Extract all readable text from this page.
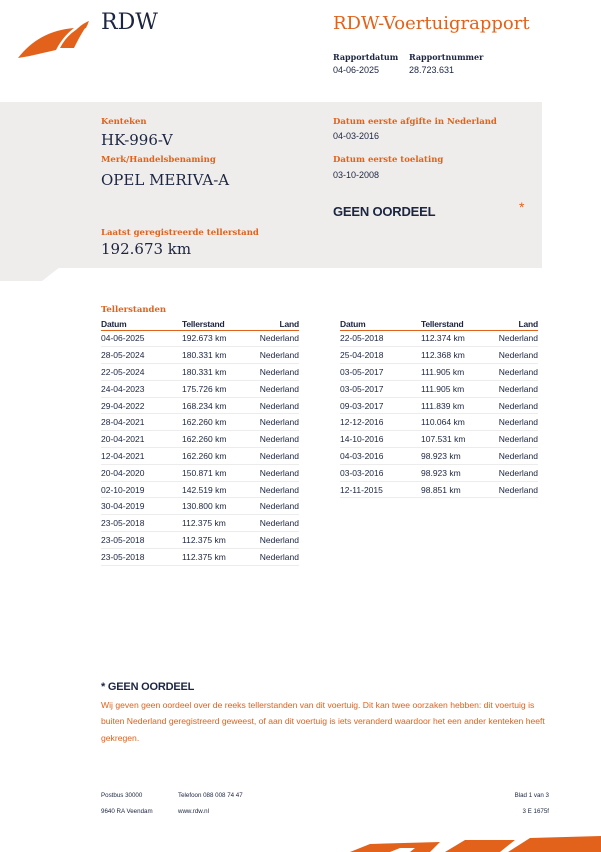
RDW	RDW-Voertuigrapport
Rapportdatum
04-06-2025
Rapportnummer
28.723.631
Kenteken
HK-996-V
Merk/Handelsbenaming
OPEL MERIVA-A
Laatst geregistreerde tellerstand
192.673 km
Datum eerste afgifte in Nederland
04-03-2016
Datum eerste toelating
03-10-2008
GEEN OORDEEL	*
Tellerstanden
Datum	Tellerstand	Land
04-06-2025	192.673 km	Nederland
28-05-2024	180.331 km	Nederland
22-05-2024	180.331 km	Nederland
24-04-2023	175.726 km	Nederland
29-04-2022	168.234 km	Nederland
28-04-2021	162.260 km	Nederland
20-04-2021	162.260 km	Nederland
12-04-2021	162.260 km	Nederland
20-04-2020	150.871 km	Nederland
02-10-2019	142.519 km	Nederland
30-04-2019	130.800 km	Nederland
23-05-2018	112.375 km	Nederland
23-05-2018	112.375 km	Nederland
23-05-2018	112.375 km	Nederland
Datum	Tellerstand	Land
22-05-2018	112.374 km	Nederland
25-04-2018	112.368 km	Nederland
03-05-2017	111.905 km	Nederland
03-05-2017	111.905 km	Nederland
09-03-2017	111.839 km	Nederland
12-12-2016	110.064 km	Nederland
14-10-2016	107.531 km	Nederland
04-03-2016	98.923 km	Nederland
03-03-2016	98.923 km	Nederland
12-11-2015	98.851 km	Nederland
* GEEN OORDEEL
Wij geven geen oordeel over de reeks tellerstanden van dit voertuig. Dit kan twee oorzaken hebben: dit voertuig is buiten Nederland geregistreerd geweest, of aan dit voertuig is iets veranderd waardoor het een ander kenteken heeft gekregen.
Postbus 30000
9640 RA Veendam
Telefoon 088 008 74 47
www.rdw.nl
Blad 1 van 3
3 E 1675f
